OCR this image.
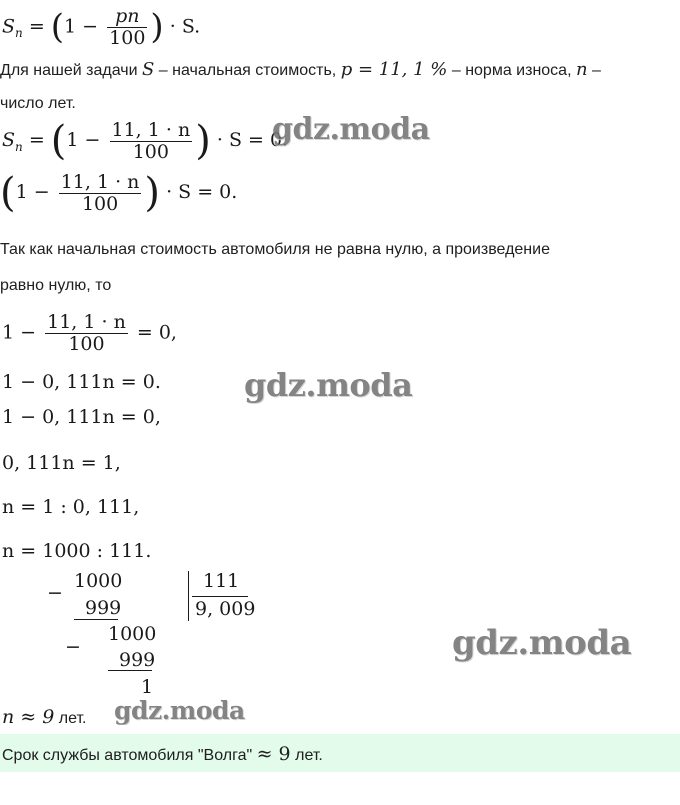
$S_n = (1 - \frac{pn}{100}$ ) · S.
Для нашей задачи S – начальная стоимость, p = 11, 1 % – норма износа, n –
число лет.
$S_n = (1 - \frac{11, 1 \cdot n}{100}$ ) · S = 0.
($1 - \frac{11, 1 \cdot n}{100}$ ) · S = 0.
Так как начальная стоимость автомобиля не равна нулю, а произведение
равно нулю, то
$1 - \frac{11, 1 \cdot n}{100} = 0$,
1 − 0, 111n = 0.
1 − 0, 111n = 0,
0, 111n = 1,
n = 1 : 0, 111,
n = 1000 : 111.
−
1000
999
111
9, 009
−
1000
999
1
n ≈ 9 лет.
gdz.moda
gdz.moda
gdz.moda
gdz.moda
Срок службы автомобиля "Волга" ≈ 9 лет.
